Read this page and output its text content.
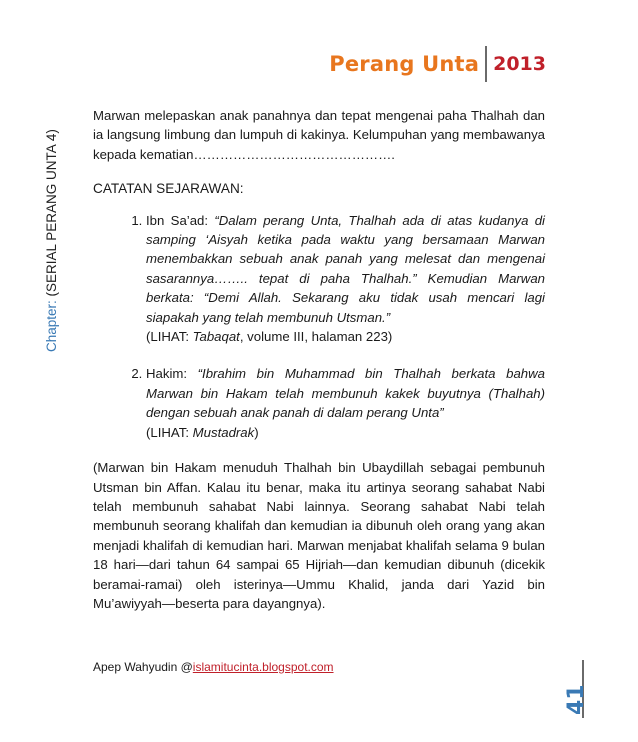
Perang Unta 2013

Marwan melepaskan anak panahnya dan tepat mengenai paha Thalhah dan ia langsung limbung dan lumpuh di kakinya. Kelumpuhan yang membawanya kepada kematian……………………………………….

CATATAN SEJARAWAN:

1. Ibn Sa’ad: “Dalam perang Unta, Thalhah ada di atas kudanya di samping ‘Aisyah ketika pada waktu yang bersamaan Marwan menembakkan sebuah anak panah yang melesat dan mengenai sasarannya…….. tepat di paha Thalhah.” Kemudian Marwan berkata: “Demi Allah. Sekarang aku tidak usah mencari lagi siapakah yang telah membunuh Utsman.”
(LIHAT: Tabaqat, volume III, halaman 223)
2. Hakim: “Ibrahim bin Muhammad bin Thalhah berkata bahwa Marwan bin Hakam telah membunuh kakek buyutnya (Thalhah) dengan sebuah anak panah di dalam perang Unta”
(LIHAT: Mustadrak)

(Marwan bin Hakam menuduh Thalhah bin Ubaydillah sebagai pembunuh Utsman bin Affan. Kalau itu benar, maka itu artinya seorang sahabat Nabi telah membunuh sahabat Nabi lainnya. Seorang sahabat Nabi telah membunuh seorang khalifah dan kemudian ia dibunuh oleh orang yang akan menjadi khalifah di kemudian hari. Marwan menjabat khalifah selama 9 bulan 18 hari—dari tahun 64 sampai 65 Hijriah—dan kemudian dibunuh (dicekik beramai-ramai) oleh isterinya—Ummu Khalid, janda dari Yazid bin Mu’awiyyah—beserta para dayangnya).

Chapter: (SERIAL PERANG UNTA 4)
41
Apep Wahyudin @islamitucinta.blogspot.com
